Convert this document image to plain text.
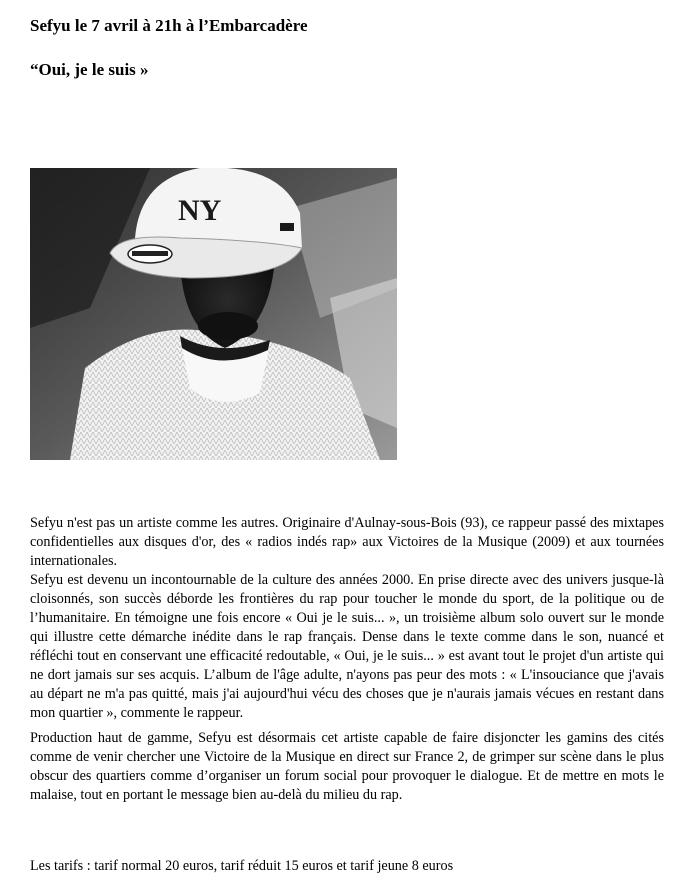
Sefyu le 7 avril à 21h à l’Embarcadère
“Oui, je le suis »
NY

Sefyu n'est pas un artiste comme les autres. Originaire d'Aulnay-sous-Bois (93), ce rappeur passé des mixtapes confidentielles aux disques d'or, des « radios indés rap» aux Victoires de la Musique (2009) et aux tournées internationales.

Sefyu est devenu un incontournable de la culture des années 2000. En prise directe avec des univers jusque-là cloisonnés, son succès déborde les frontières du rap pour toucher le monde du sport, de la politique ou de l’humanitaire. En témoigne une fois encore « Oui je le suis... », un troisième album solo ouvert sur le monde qui illustre cette démarche inédite dans le rap français. Dense dans le texte comme dans le son, nuancé et réfléchi tout en conservant une efficacité redoutable, « Oui, je le suis... » est avant tout le projet d'un artiste qui ne dort jamais sur ses acquis. L’album de l'âge adulte, n'ayons pas peur des mots : « L'insouciance que j'avais au départ ne m'a pas quitté, mais j'ai aujourd'hui vécu des choses que je n'aurais jamais vécues en restant dans mon quartier », commente le rappeur.

Production haut de gamme, Sefyu est désormais cet artiste capable de faire disjoncter les gamins des cités comme de venir chercher une Victoire de la Musique en direct sur France 2, de grimper sur scène dans le plus obscur des quartiers comme d’organiser un forum social pour provoquer le dialogue. Et de mettre en mots le malaise, tout en portant le message bien au-delà du milieu du rap.

Les tarifs : tarif normal 20 euros, tarif réduit 15 euros et tarif jeune 8 euros
